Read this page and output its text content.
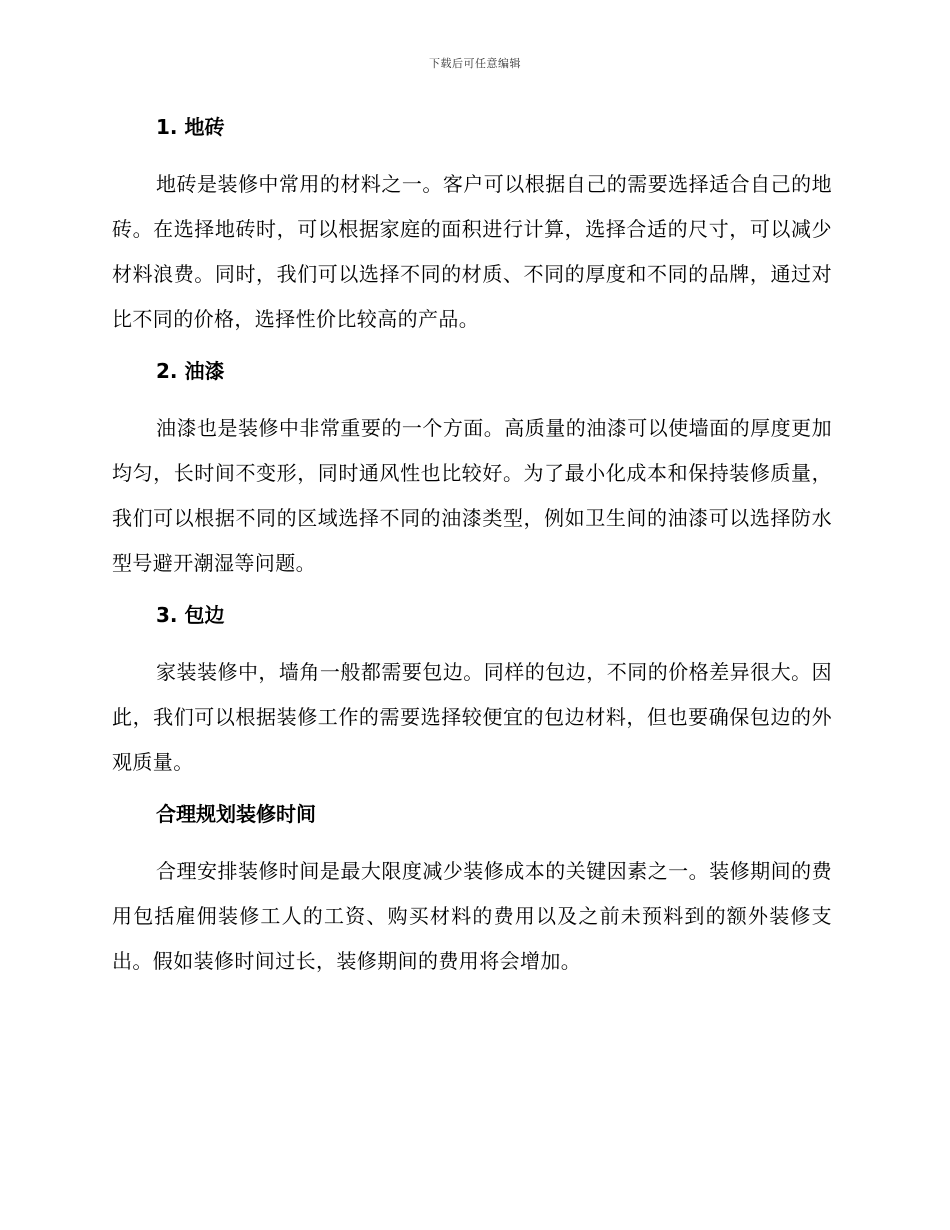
下载后可任意编辑
1. 地砖

地砖是装修中常用的材料之一。客户可以根据自己的需要选择适合自己的地砖。在选择地砖时，可以根据家庭的面积进行计算，选择合适的尺寸，可以减少材料浪费。同时，我们可以选择不同的材质、不同的厚度和不同的品牌，通过对比不同的价格，选择性价比较高的产品。

2. 油漆

油漆也是装修中非常重要的一个方面。高质量的油漆可以使墙面的厚度更加均匀，长时间不变形，同时通风性也比较好。为了最小化成本和保持装修质量，我们可以根据不同的区域选择不同的油漆类型，例如卫生间的油漆可以选择防水型号避开潮湿等问题。

3. 包边

家装装修中，墙角一般都需要包边。同样的包边，不同的价格差异很大。因此，我们可以根据装修工作的需要选择较便宜的包边材料，但也要确保包边的外观质量。

合理规划装修时间

合理安排装修时间是最大限度减少装修成本的关键因素之一。装修期间的费用包括雇佣装修工人的工资、购买材料的费用以及之前未预料到的额外装修支出。假如装修时间过长，装修期间的费用将会增加。
